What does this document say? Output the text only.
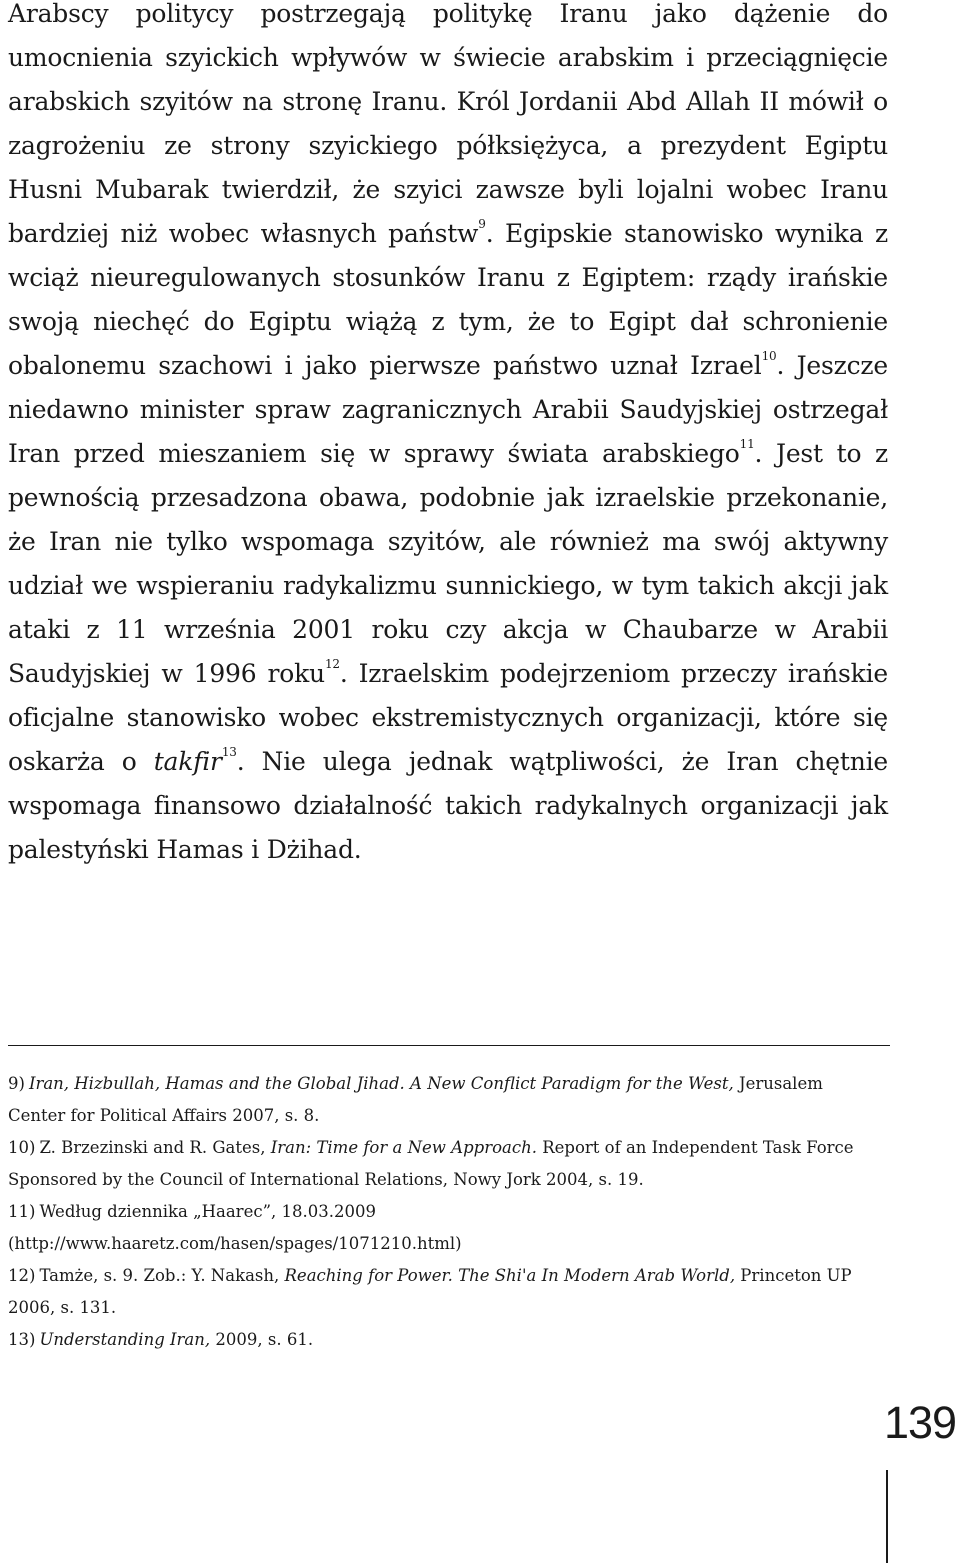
Arabscy politycy postrzegają politykę Iranu jako dążenie do umocnienia szyickich wpływów w świecie arabskim i przeciągnięcie arabskich szyitów na stronę Iranu. Król Jordanii Abd Allah II mówił o zagrożeniu ze strony szyickiego półksiężyca, a prezydent Egiptu Husni Mubarak twierdził, że szyici zawsze byli lojalni wobec Iranu bardziej niż wobec własnych państw$^9$. Egipskie stanowisko wynika z wciąż nieuregulowanych stosunków Iranu z Egiptem: rządy irańskie swoją niechęć do Egiptu wiążą z tym, że to Egipt dał schronienie obalonemu szachowi i jako pierwsze państwo uznał Izrael$^{10}$. Jeszcze niedawno minister spraw zagranicznych Arabii Saudyjskiej ostrzegał Iran przed mieszaniem się w sprawy świata arabskiego$^{11}$. Jest to z pewnością przesadzona obawa, podobnie jak izraelskie przekonanie, że Iran nie tylko wspomaga szyitów, ale również ma swój aktywny udział we wspieraniu radykalizmu sunnickiego, w tym takich akcji jak ataki z 11 września 2001 roku czy akcja w Chaubarze w Arabii Saudyjskiej w 1996 roku$^{12}$. Izraelskim podejrzeniom przeczy irańskie oficjalne stanowisko wobec ekstremistycznych organizacji, które się oskarża o takfir$^{13}$. Nie ulega jednak wątpliwości, że Iran chętnie wspomaga finansowo działalność takich radykalnych organizacji jak palestyński Hamas i Dżihad.

9) Iran, Hizbullah, Hamas and the Global Jihad. A New Conflict Paradigm for the West, Jerusalem Center for Political Affairs 2007, s. 8.

10) Z. Brzezinski and R. Gates, Iran: Time for a New Approach. Report of an Independent Task Force Sponsored by the Council of International Relations, Nowy Jork 2004, s. 19.

11) Według dziennika „Haarec”, 18.03.2009
(http://www.haaretz.com/hasen/spages/1071210.html)

12) Tamże, s. 9. Zob.: Y. Nakash, Reaching for Power. The Shi'a In Modern Arab World, Princeton UP 2006, s. 131.

13) Understanding Iran, 2009, s. 61.

139
